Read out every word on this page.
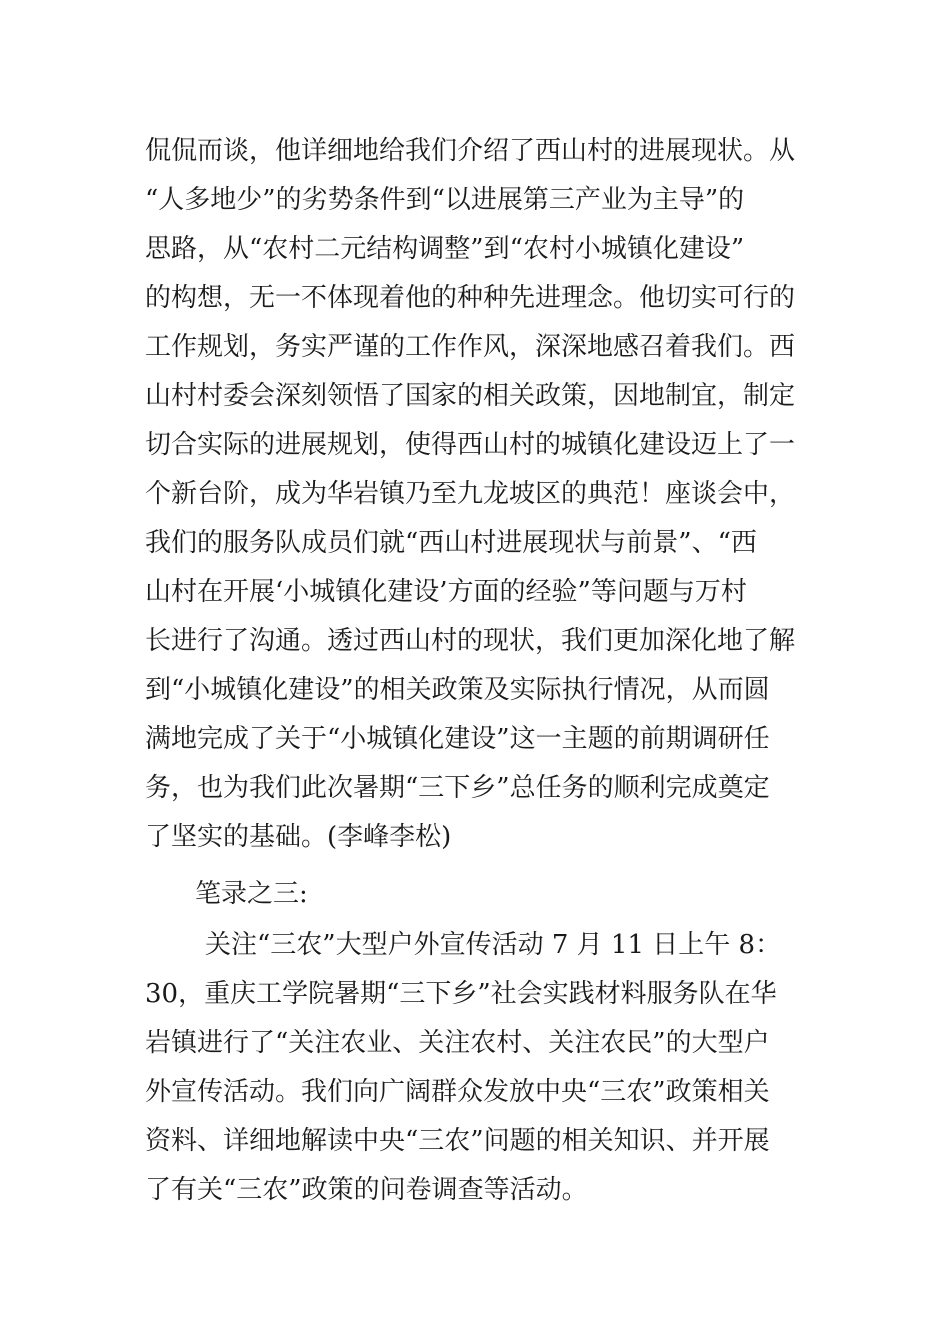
侃侃而谈，他详细地给我们介绍了西山村的进展现状。从
“人多地少”的劣势条件到“以进展第三产业为主导”的
思路，从“农村二元结构调整”到“农村小城镇化建设”
的构想，无一不体现着他的种种先进理念。他切实可行的
工作规划，务实严谨的工作作风，深深地感召着我们。西
山村村委会深刻领悟了国家的相关政策，因地制宜，制定
切合实际的进展规划，使得西山村的城镇化建设迈上了一
个新台阶，成为华岩镇乃至九龙坡区的典范！座谈会中，
我们的服务队成员们就“西山村进展现状与前景”、“西
山村在开展‘小城镇化建设’方面的经验”等问题与万村
长进行了沟通。透过西山村的现状，我们更加深化地了解
到“小城镇化建设”的相关政策及实际执行情况，从而圆
满地完成了关于“小城镇化建设”这一主题的前期调研任
务，也为我们此次暑期“三下乡”总任务的顺利完成奠定
了坚实的基础。(李峰李松)
笔录之三:
关注“三农”大型户外宣传活动 7 月 11 日上午 8：
30，重庆工学院暑期“三下乡”社会实践材料服务队在华
岩镇进行了“关注农业、关注农村、关注农民”的大型户
外宣传活动。我们向广阔群众发放中央“三农”政策相关
资料、详细地解读中央“三农”问题的相关知识、并开展
了有关“三农”政策的问卷调查等活动。
